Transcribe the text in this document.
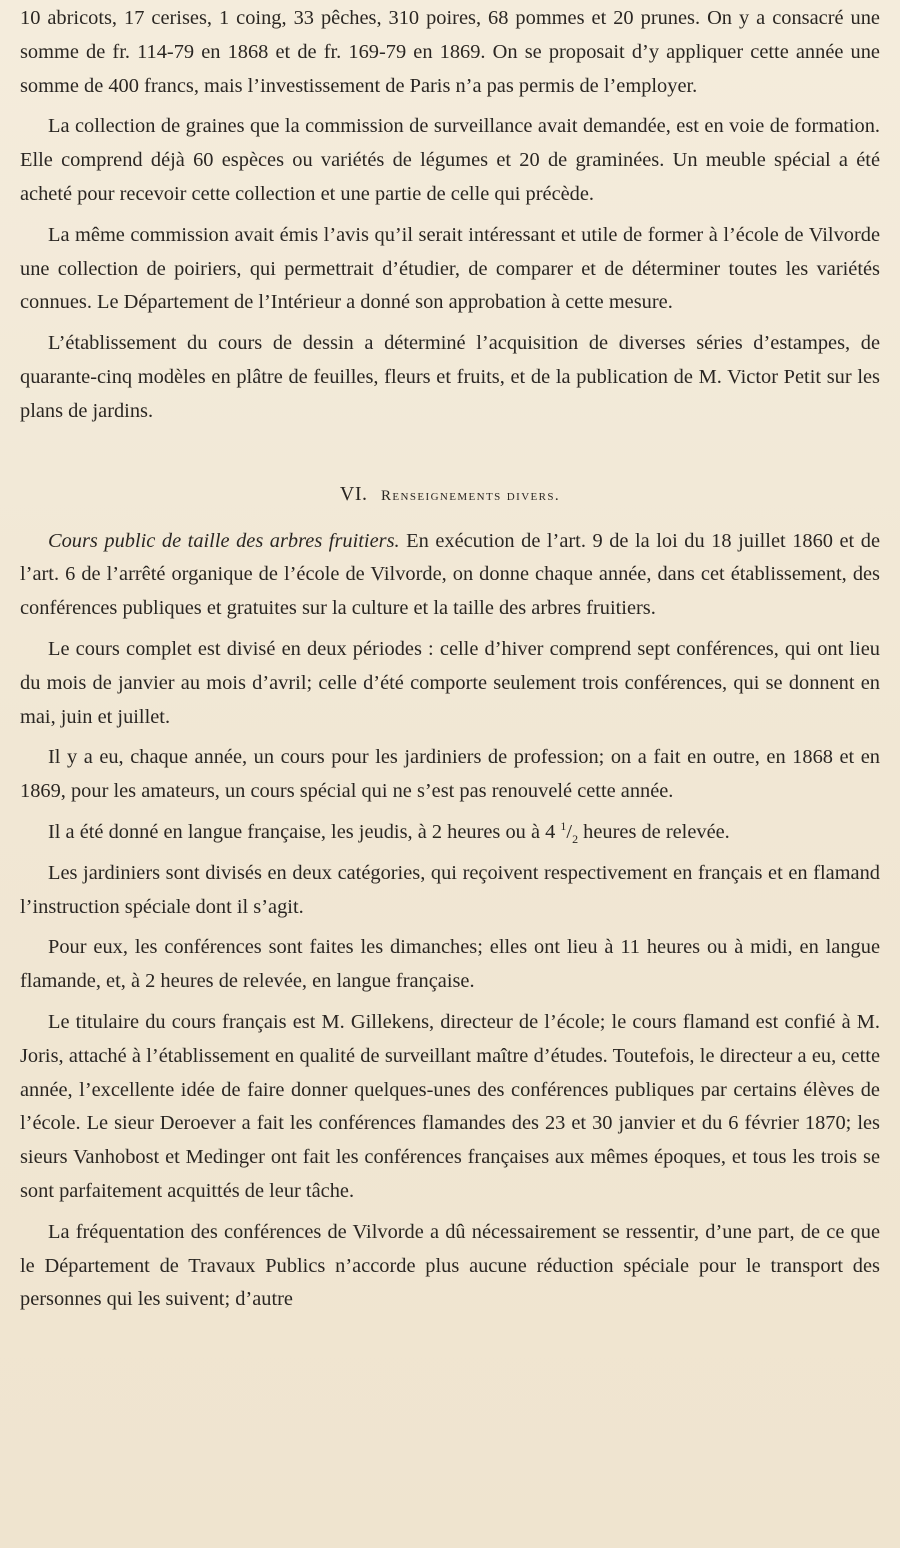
10 abricots, 17 cerises, 1 coing, 33 pêches, 310 poires, 68 pommes et 20 prunes. On y a consacré une somme de fr. 114-79 en 1868 et de fr. 169-79 en 1869. On se proposait d’y appliquer cette année une somme de 400 francs, mais l’investissement de Paris n’a pas permis de l’employer.

La collection de graines que la commission de surveillance avait demandée, est en voie de formation. Elle comprend déjà 60 espèces ou variétés de légumes et 20 de graminées. Un meuble spécial a été acheté pour recevoir cette collection et une partie de celle qui précède.

La même commission avait émis l’avis qu’il serait intéressant et utile de former à l’école de Vilvorde une collection de poiriers, qui permettrait d’étudier, de comparer et de déterminer toutes les variétés connues. Le Département de l’Intérieur a donné son approbation à cette mesure.

L’établissement du cours de dessin a déterminé l’acquisition de diverses séries d’estampes, de quarante-cinq modèles en plâtre de feuilles, fleurs et fruits, et de la publication de M. Victor Petit sur les plans de jardins.

VI. Renseignements divers.

Cours public de taille des arbres fruitiers. En exécution de l’art. 9 de la loi du 18 juillet 1860 et de l’art. 6 de l’arrêté organique de l’école de Vilvorde, on donne chaque année, dans cet établissement, des conférences publiques et gratuites sur la culture et la taille des arbres fruitiers.

Le cours complet est divisé en deux périodes : celle d’hiver comprend sept conférences, qui ont lieu du mois de janvier au mois d’avril; celle d’été comporte seulement trois conférences, qui se donnent en mai, juin et juillet.

Il y a eu, chaque année, un cours pour les jardiniers de profession; on a fait en outre, en 1868 et en 1869, pour les amateurs, un cours spécial qui ne s’est pas renouvelé cette année.

Il a été donné en langue française, les jeudis, à 2 heures ou à 4 $^1/_2$ heures de relevée.

Les jardiniers sont divisés en deux catégories, qui reçoivent respectivement en français et en flamand l’instruction spéciale dont il s’agit.

Pour eux, les conférences sont faites les dimanches; elles ont lieu à 11 heures ou à midi, en langue flamande, et, à 2 heures de relevée, en langue française.

Le titulaire du cours français est M. Gillekens, directeur de l’école; le cours flamand est confié à M. Joris, attaché à l’établissement en qualité de surveillant maître d’études. Toutefois, le directeur a eu, cette année, l’excellente idée de faire donner quelques-unes des conférences publiques par certains élèves de l’école. Le sieur Deroever a fait les conférences flamandes des 23 et 30 janvier et du 6 février 1870; les sieurs Vanhobost et Medinger ont fait les conférences françaises aux mêmes époques, et tous les trois se sont parfaitement acquittés de leur tâche.

La fréquentation des conférences de Vilvorde a dû nécessairement se ressentir, d’une part, de ce que le Département de Travaux Publics n’accorde plus aucune réduction spéciale pour le transport des personnes qui les suivent; d’autre
